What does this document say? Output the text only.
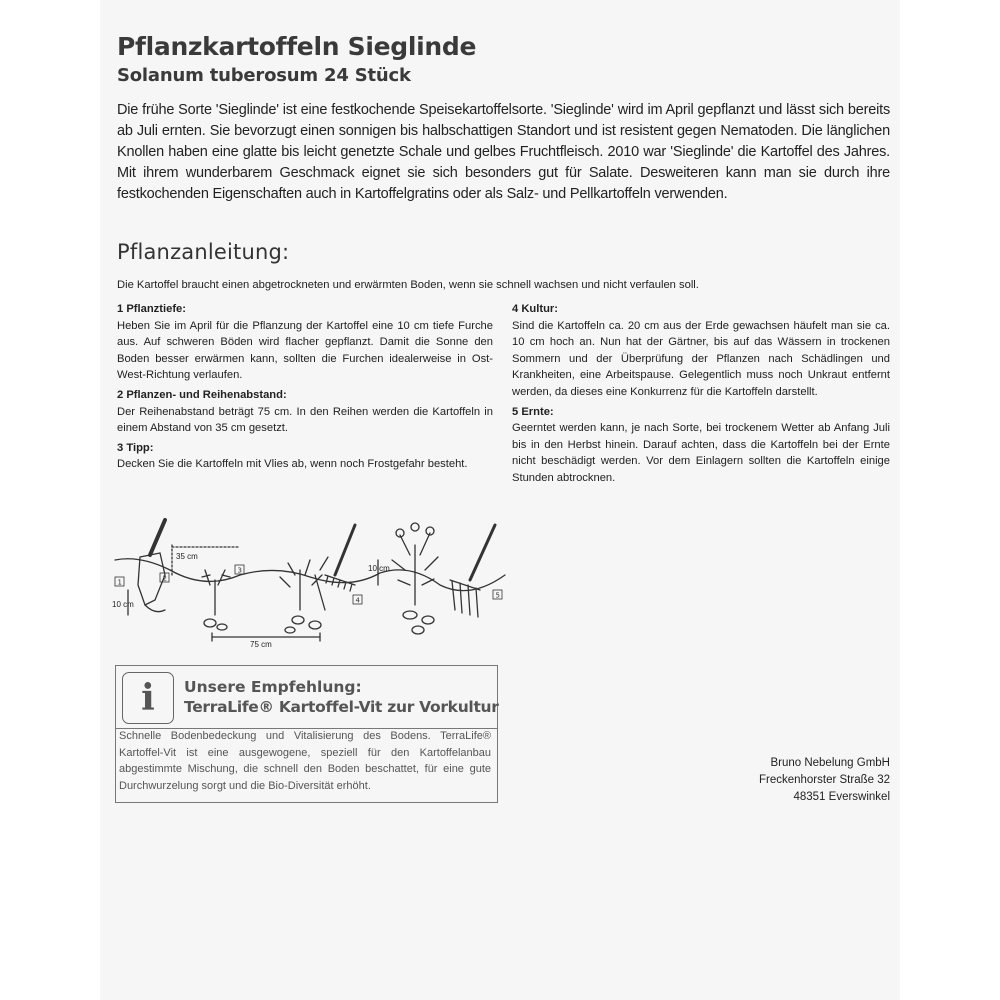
Pflanzkartoffeln Sieglinde
Solanum tuberosum 24 Stück
Die frühe Sorte 'Sieglinde' ist eine festkochende Speisekartoffelsorte. 'Sieglinde' wird im April gepflanzt und lässt sich bereits ab Juli ernten. Sie bevorzugt einen sonnigen bis halbschattigen Standort und ist resistent gegen Nematoden. Die länglichen Knollen haben eine glatte bis leicht genetzte Schale und gelbes Fruchtfleisch. 2010 war 'Sieglinde' die Kartoffel des Jahres. Mit ihrem wunderbarem Geschmack eignet sie sich besonders gut für Salate. Desweiteren kann man sie durch ihre festkochenden Eigenschaften auch in Kartoffelgratins oder als Salz- und Pellkartoffeln verwenden.
Pflanzanleitung:
Die Kartoffel braucht einen abgetrockneten und erwärmten Boden, wenn sie schnell wachsen und nicht verfaulen soll.
1 Pflanztiefe:
Heben Sie im April für die Pflanzung der Kartoffel eine 10 cm tiefe Furche aus. Auf schweren Böden wird flacher gepflanzt. Damit die Sonne den Boden besser erwärmen kann, sollten die Furchen idealerweise in Ost-West-Richtung verlaufen.
2 Pflanzen- und Reihenabstand:
Der Reihenabstand beträgt 75 cm. In den Reihen werden die Kartoffeln in einem Abstand von 35 cm gesetzt.
3 Tipp:
Decken Sie die Kartoffeln mit Vlies ab, wenn noch Frostgefahr besteht.
4 Kultur:
Sind die Kartoffeln ca. 20 cm aus der Erde gewachsen häufelt man sie ca. 10 cm hoch an. Nun hat der Gärtner, bis auf das Wässern in trockenen Sommern und der Überprüfung der Pflanzen nach Schädlingen und Krankheiten, eine Arbeitspause. Gelegentlich muss noch Unkraut entfernt werden, da dieses eine Konkurrenz für die Kartoffeln darstellt.
5 Ernte:
Geerntet werden kann, je nach Sorte, bei trockenem Wetter ab Anfang Juli bis in den Herbst hinein. Darauf achten, dass die Kartoffeln bei der Ernte nicht beschädigt werden. Vor dem Einlagern sollten die Kartoffeln einige Stunden abtrocknen.
1	2
3
4
5
35 cm
10 cm
75 cm
10 cm
i	Unsere Empfehlung:
TerraLife® Kartoffel-Vit zur Vorkultur
Schnelle Bodenbedeckung und Vitalisierung des Bodens. TerraLife® Kartoffel-Vit ist eine ausgewogene, speziell für den Kartoffelanbau abgestimmte Mischung, die schnell den Boden beschattet, für eine gute Durchwurzelung sorgt und die Bio-Diversität erhöht.
Bruno Nebelung GmbH
Freckenhorster Straße 32
48351 Everswinkel
